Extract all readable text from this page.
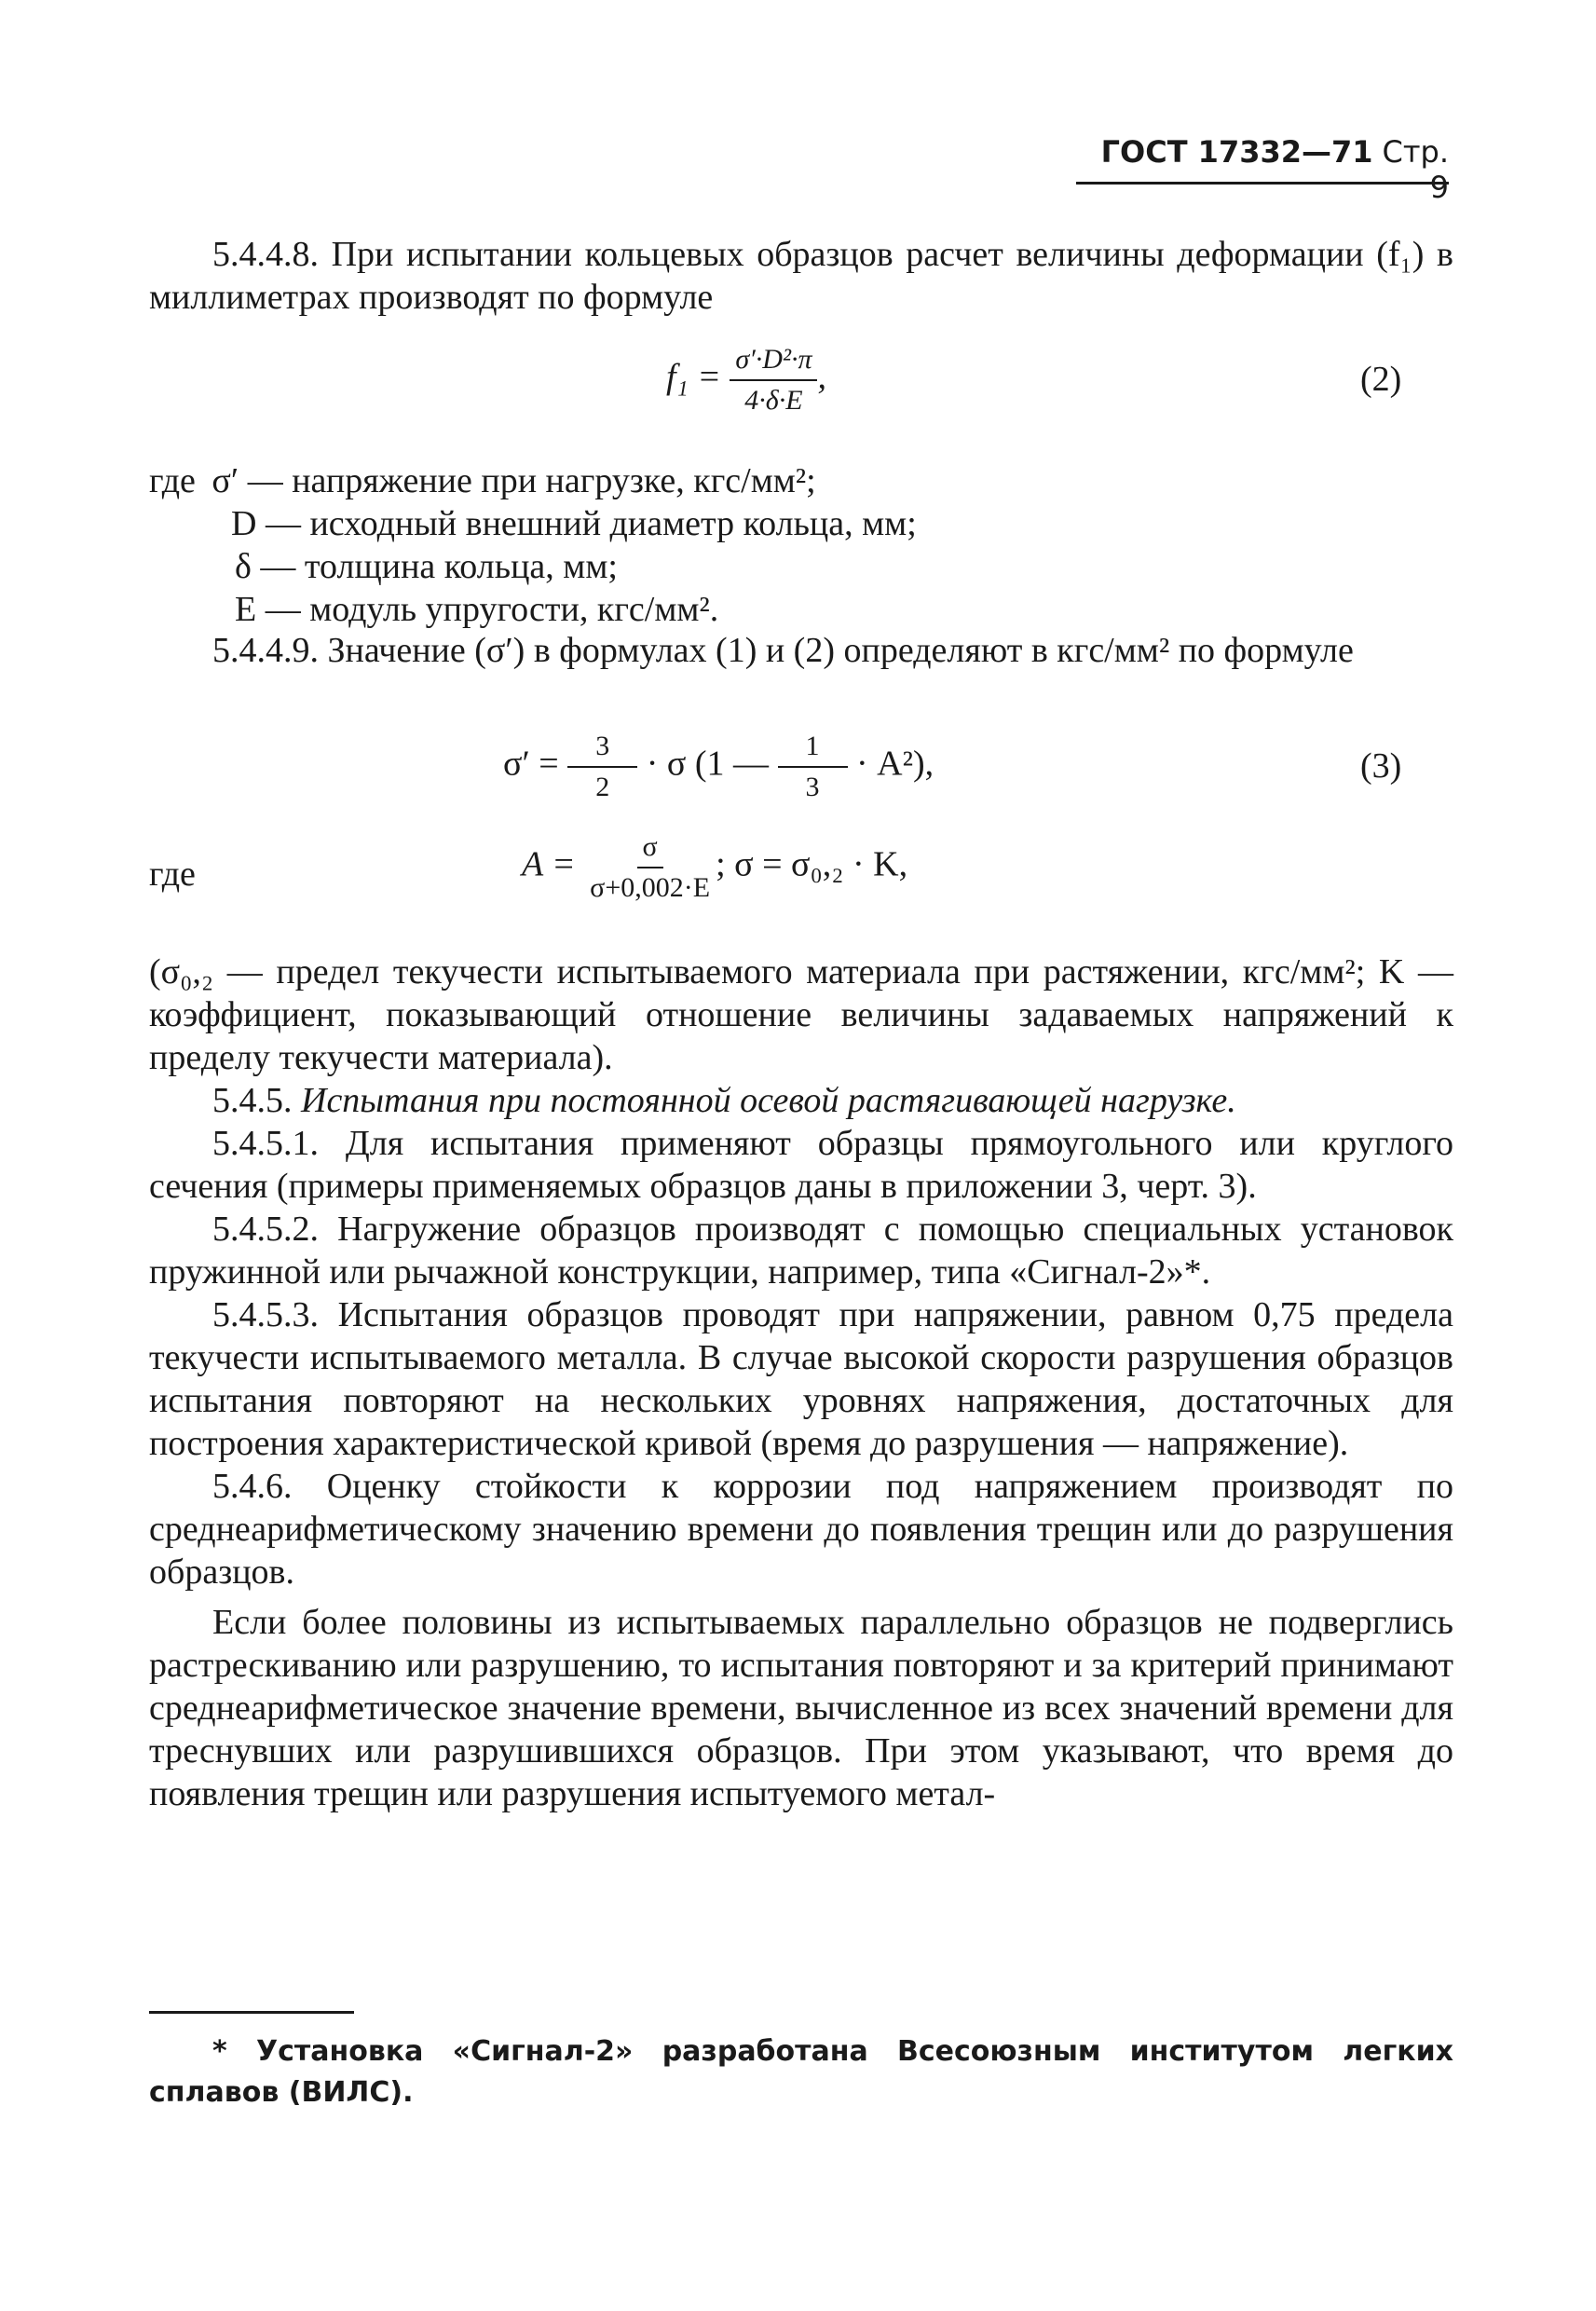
ГОСТ 17332—71 Стр. 9

5.4.4.8. При испытании кольцевых образцов расчет величины деформации (f₁) в миллиметрах производят по формуле

$f_1 = \frac{\text{σ′·D²·π}}{4\cdot\delta\cdot E}$ ,	(2)
где σ′ — напряжение при нагрузке, кгс/мм²;
D — исходный внешний диаметр кольца, мм;
δ — толщина кольца, мм;
E — модуль упругости, кгс/мм².

5.4.4.9. Значение (σ′) в формулах (1) и (2) определяют в кгс/мм² по формуле

$\sigma' = \frac{3}{2} \cdot \sigma$ (1 — $\frac{1}{3} \cdot A^2$),	(3)
где	$A = \frac{\sigma}{\sigma+0,002\cdot E}$ ; σ = σ₀,₂ · K,

(σ₀,₂ — предел текучести испытываемого материала при растяжении, кгс/мм²; K — коэффициент, показывающий отношение величины задаваемых напряжений к пределу текучести материала).

5.4.5. Испытания при постоянной осевой растягивающей нагрузке.

5.4.5.1. Для испытания применяют образцы прямоугольного или круглого сечения (примеры применяемых образцов даны в приложении 3, черт. 3).

5.4.5.2. Нагружение образцов производят с помощью специальных установок пружинной или рычажной конструкции, например, типа «Сигнал-2»*.

5.4.5.3. Испытания образцов проводят при напряжении, равном 0,75 предела текучести испытываемого металла. В случае высокой скорости разрушения образцов испытания повторяют на нескольких уровнях напряжения, достаточных для построения характеристической кривой (время до разрушения — напряжение).

5.4.6. Оценку стойкости к коррозии под напряжением производят по среднеарифметическому значению времени до появления трещин или до разрушения образцов.

Если более половины из испытываемых параллельно образцов не подверглись растрескиванию или разрушению, то испытания повторяют и за критерий принимают среднеарифметическое значение времени, вычисленное из всех значений времени для треснувших или разрушившихся образцов. При этом указывают, что время до появления трещин или разрушения испытуемого метал-

* Установка «Сигнал-2» разработана Всесоюзным институтом легких сплавов (ВИЛС).
